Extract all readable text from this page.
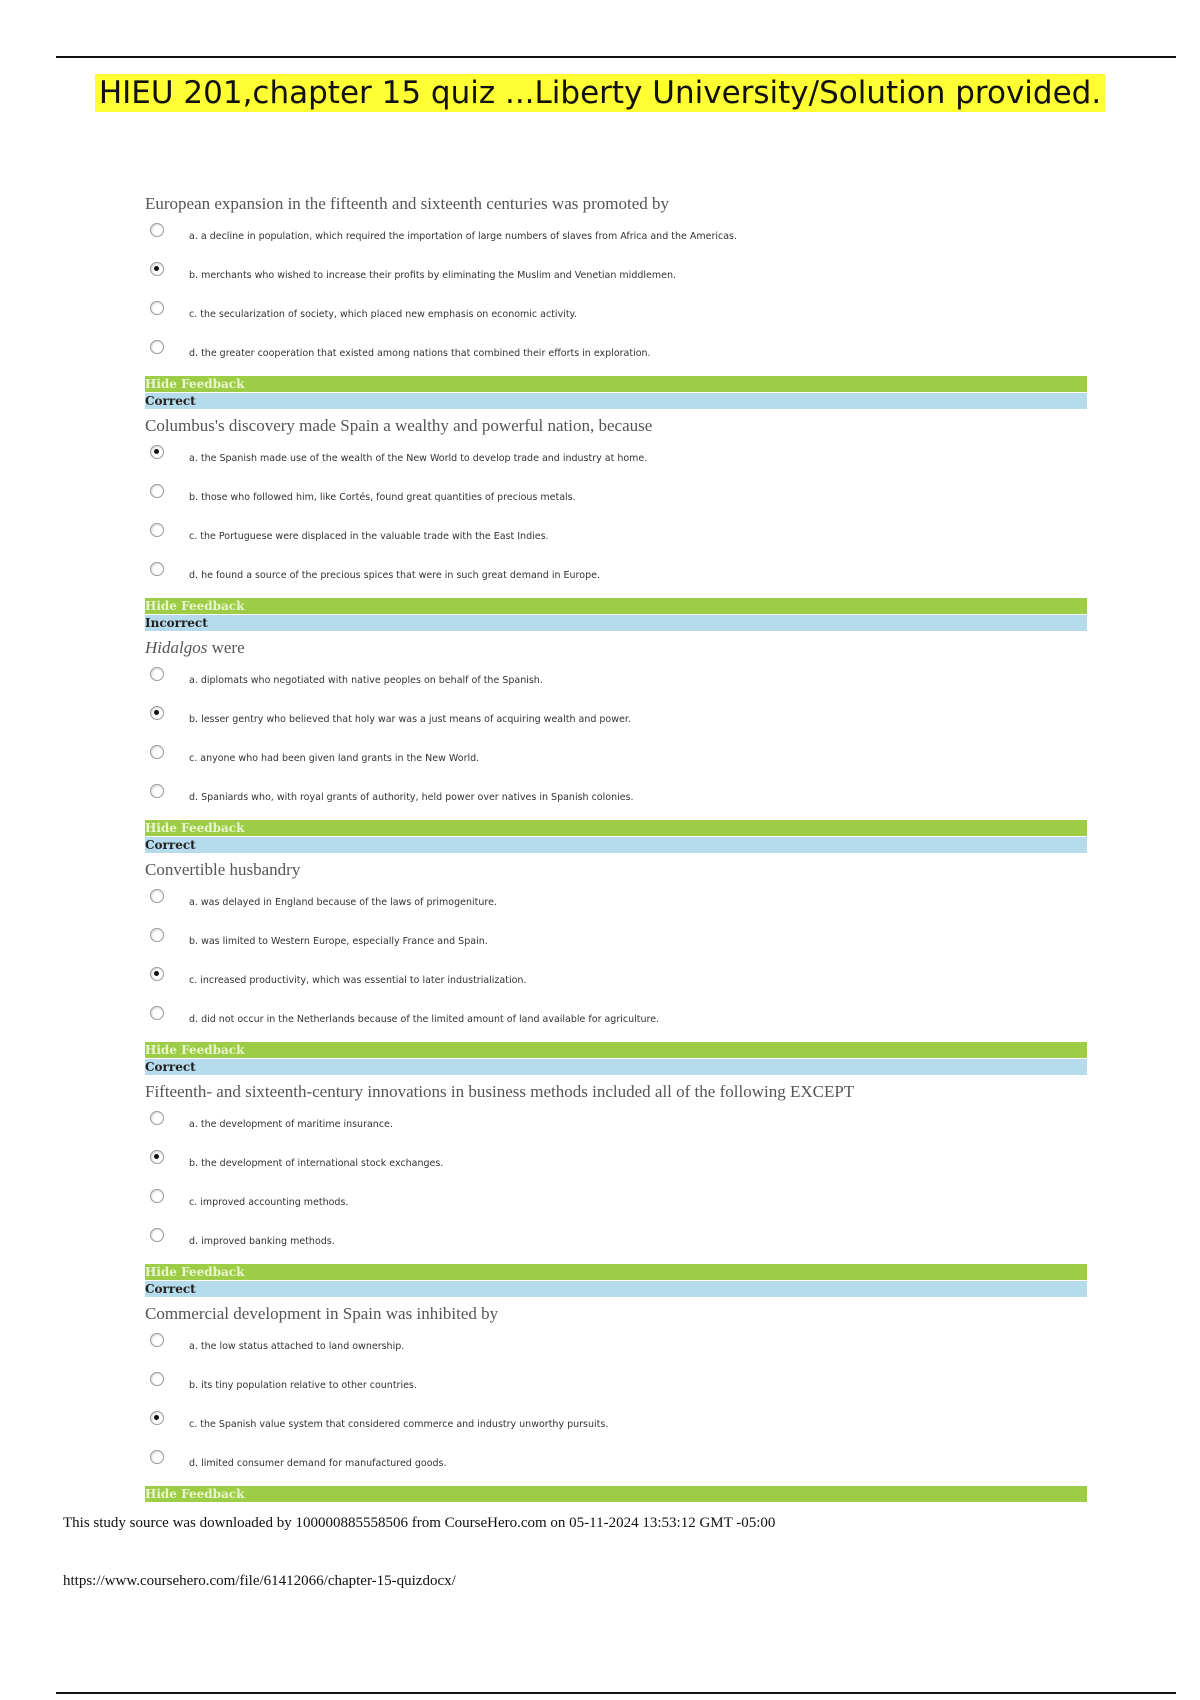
HIEU 201,chapter 15 quiz ...Liberty University/Solution provided.
European expansion in the fifteenth and sixteenth centuries was promoted by
a. a decline in population, which required the importation of large numbers of slaves from Africa and the Americas.
b. merchants who wished to increase their profits by eliminating the Muslim and Venetian middlemen.
c. the secularization of society, which placed new emphasis on economic activity.
d. the greater cooperation that existed among nations that combined their efforts in exploration.
Hide Feedback
Correct
Columbus's discovery made Spain a wealthy and powerful nation, because
a. the Spanish made use of the wealth of the New World to develop trade and industry at home.
b. those who followed him, like Cortés, found great quantities of precious metals.
c. the Portuguese were displaced in the valuable trade with the East Indies.
d. he found a source of the precious spices that were in such great demand in Europe.
Hide Feedback
Incorrect
Hidalgos were
a. diplomats who negotiated with native peoples on behalf of the Spanish.
b. lesser gentry who believed that holy war was a just means of acquiring wealth and power.
c. anyone who had been given land grants in the New World.
d. Spaniards who, with royal grants of authority, held power over natives in Spanish colonies.
Hide Feedback
Correct
Convertible husbandry
a. was delayed in England because of the laws of primogeniture.
b. was limited to Western Europe, especially France and Spain.
c. increased productivity, which was essential to later industrialization.
d. did not occur in the Netherlands because of the limited amount of land available for agriculture.
Hide Feedback
Correct
Fifteenth- and sixteenth-century innovations in business methods included all of the following EXCEPT
a. the development of maritime insurance.
b. the development of international stock exchanges.
c. improved accounting methods.
d. improved banking methods.
Hide Feedback
Correct
Commercial development in Spain was inhibited by
a. the low status attached to land ownership.
b. its tiny population relative to other countries.
c. the Spanish value system that considered commerce and industry unworthy pursuits.
d. limited consumer demand for manufactured goods.
Hide Feedback
This study source was downloaded by 100000885558506 from CourseHero.com on 05-11-2024 13:53:12 GMT -05:00
https://www.coursehero.com/file/61412066/chapter-15-quizdocx/
